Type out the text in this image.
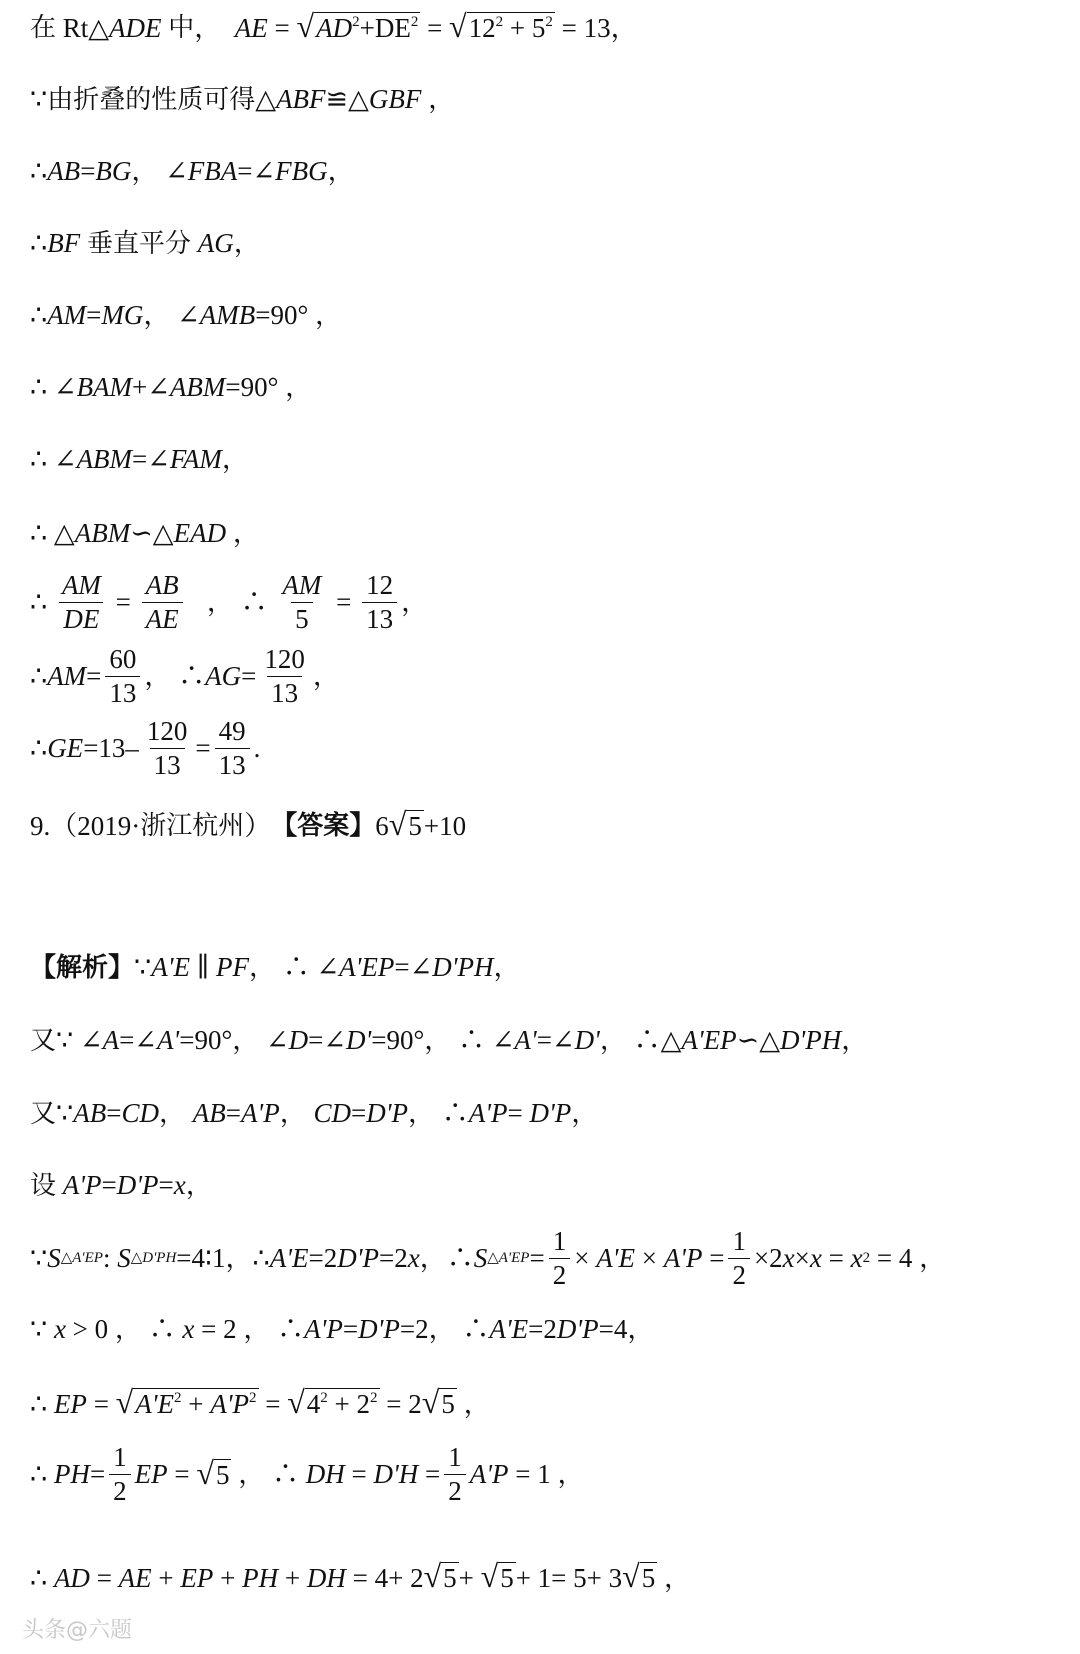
在 Rt△ ADE
中 ， AE = √ $AD^2+DE^2$ = √ $12^2 + 5^2 = 13$，
∵ 由折叠的性质可得 △ ABF ≌△ GBF ，
∴ AB = BG ， ∠ FBA =∠ FBG ，
∴ BF
垂直平分
AG ，
∴ AM = MG ， ∠ AMB =90° ，
∴ ∠ BAM +∠ ABM =90° ，
∴ ∠ ABM =∠ FAM ，
∴ △ ABM ∽△ EAD ，
∴ $\frac{AM}{DE} = \frac{AB}{AE}$ ， ∴ $\frac{AM}{5} = \frac{12}{13}$ ，
∴ AM = $\frac{60}{13}$ ， ∴ AG = $\frac{120}{13}$ ，
∴ GE $=13- \frac{120}{13} = \frac{49}{13}$ .
9.（2019· 浙江杭州 ） 【答案】 6 √ 5 +10
【解析】 ∵ A'E ∥ PF ， ∴ ∠ A'EP =∠ D'PH ，
又 ∵ ∠ A =∠ A' =90°， ∠ D =∠ D' =90°， ∴ ∠ A' =∠ D' ， ∴△ A'EP ∽△ D'PH ，
又 ∵ AB = CD ， AB = A'P ， CD = D'P ， ∴ A'P = D'P ，
设
A'P = D'P = x ，
∵ S △A'EP : S △D'PH =4∶1，∴ A'E =2 D'P =2 x ，∴ S △A'EP = $\frac{1}{2} \times A'E \times A'P = \frac{1}{2} \times 2$ x × x = x 2 = 4 ，
∵ x > 0 ， ∴ x = 2 ， ∴ A'P = D'P =2， ∴ A'E =2 D'P =4，
∴ EP = √ $A'E^2 + A'P^2$ = √ $4^2 + 2^2 = 2$ √ 5 ，
∴ PH = $\frac{1}{2}$ EP = √ 5 ， ∴ DH = $D'H = \frac{1}{2} A'P = 1$ ，
∴ AD = AE + EP + PH + DH = 4+ 2 √ 5 + √ 5 + 1= 5+ 3 √ 5 ，
头条@六题
